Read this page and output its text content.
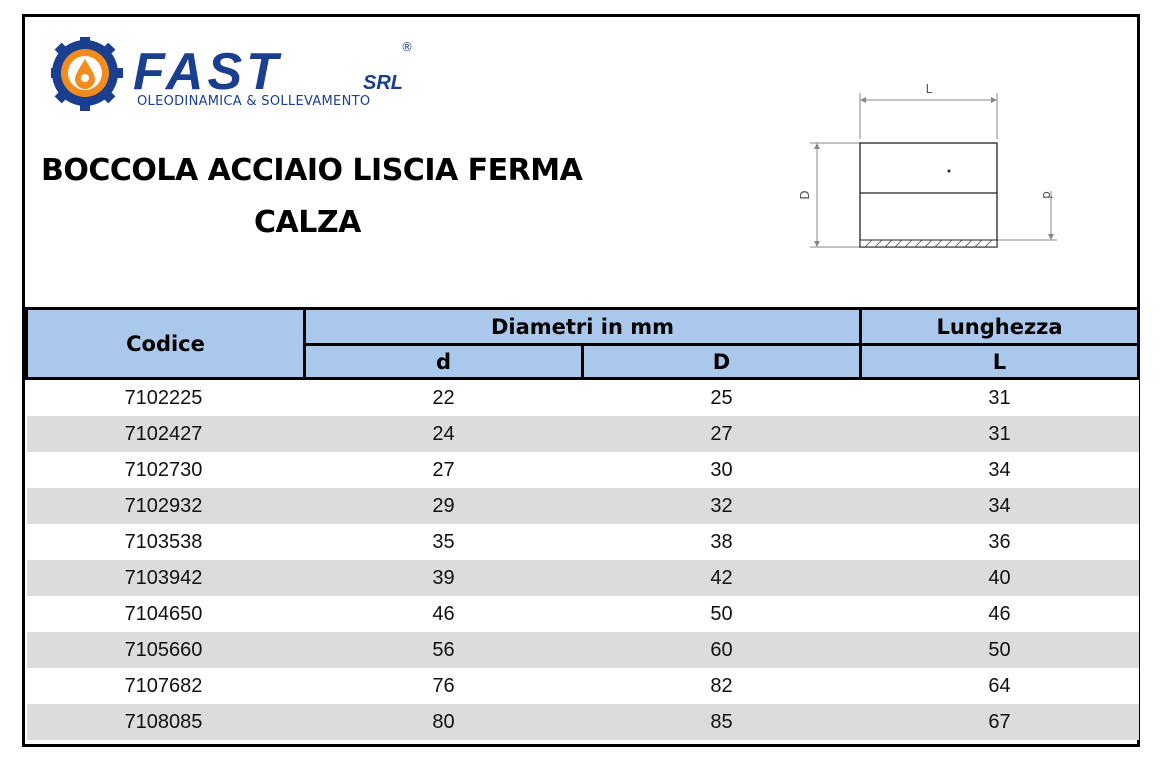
FAST	SRL
®
OLEODINAMICA & SOLLEVAMENTO
BOCCOLA ACCIAIO LISCIA FERMA
CALZA
L
D	d
Codice	Diametri in mm		Lunghezza
	d	D	L
7102225	22	25	31
7102427	24	27	31
7102730	27	30	34
7102932	29	32	34
7103538	35	38	36
7103942	39	42	40
7104650	46	50	46
7105660	56	60	50
7107682	76	82	64
7108085	80	85	67
